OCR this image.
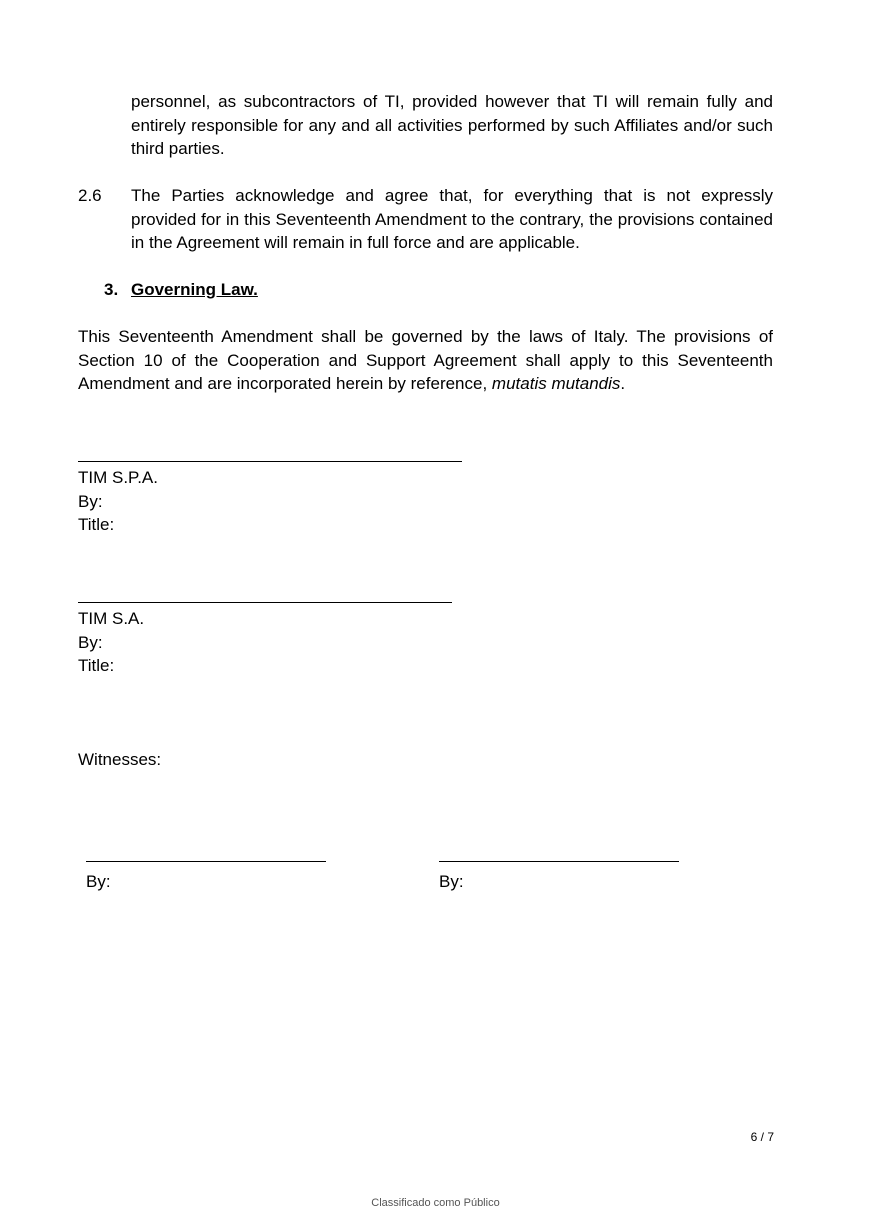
personnel, as subcontractors of TI, provided however that TI will remain fully and entirely responsible for any and all activities performed by such Affiliates and/or such third parties.
2.6 The Parties acknowledge and agree that, for everything that is not expressly provided for in this Seventeenth Amendment to the contrary, the provisions contained in the Agreement will remain in full force and are applicable.
3. Governing Law.
This Seventeenth Amendment shall be governed by the laws of Italy. The provisions of Section 10 of the Cooperation and Support Agreement shall apply to this Seventeenth Amendment and are incorporated herein by reference, mutatis mutandis.
TIM S.P.A.
By:
Title:
TIM S.A.
By:
Title:
Witnesses:
By:	By:
6 / 7
Classificado como Público
